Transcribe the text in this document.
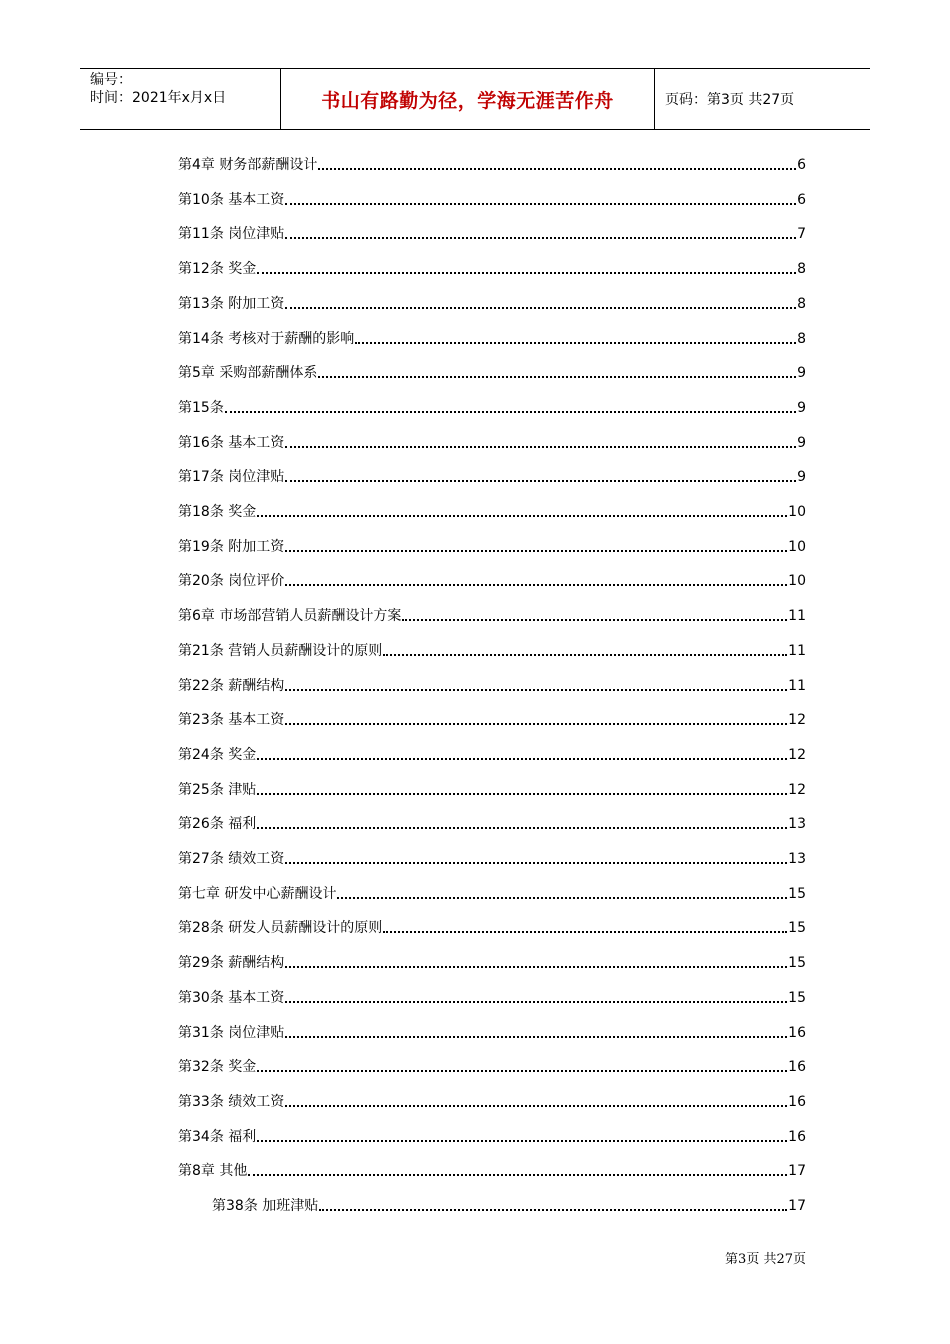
编号：
时间：2021年x月x日	书山有路勤为径，学海无涯苦作舟	页码：第3页 共27页
第4章 财务部薪酬设计	6
第10条 基本工资	6
第11条 岗位津贴	7
第12条 奖金	8
第13条 附加工资	8
第14条 考核对于薪酬的影响	8
第5章 采购部薪酬体系	9
第15条	9
第16条 基本工资	9
第17条 岗位津贴	9
第18条 奖金	10
第19条 附加工资	10
第20条 岗位评价	10
第6章 市场部营销人员薪酬设计方案	11
第21条 营销人员薪酬设计的原则	11
第22条 薪酬结构	11
第23条 基本工资	12
第24条 奖金	12
第25条 津贴	12
第26条 福利	13
第27条 绩效工资	13
第七章 研发中心薪酬设计	15
第28条 研发人员薪酬设计的原则	15
第29条 薪酬结构	15
第30条 基本工资	15
第31条 岗位津贴	16
第32条 奖金	16
第33条 绩效工资	16
第34条 福利	16
第8章 其他	17
第38条 加班津贴	17
第3页 共27页
